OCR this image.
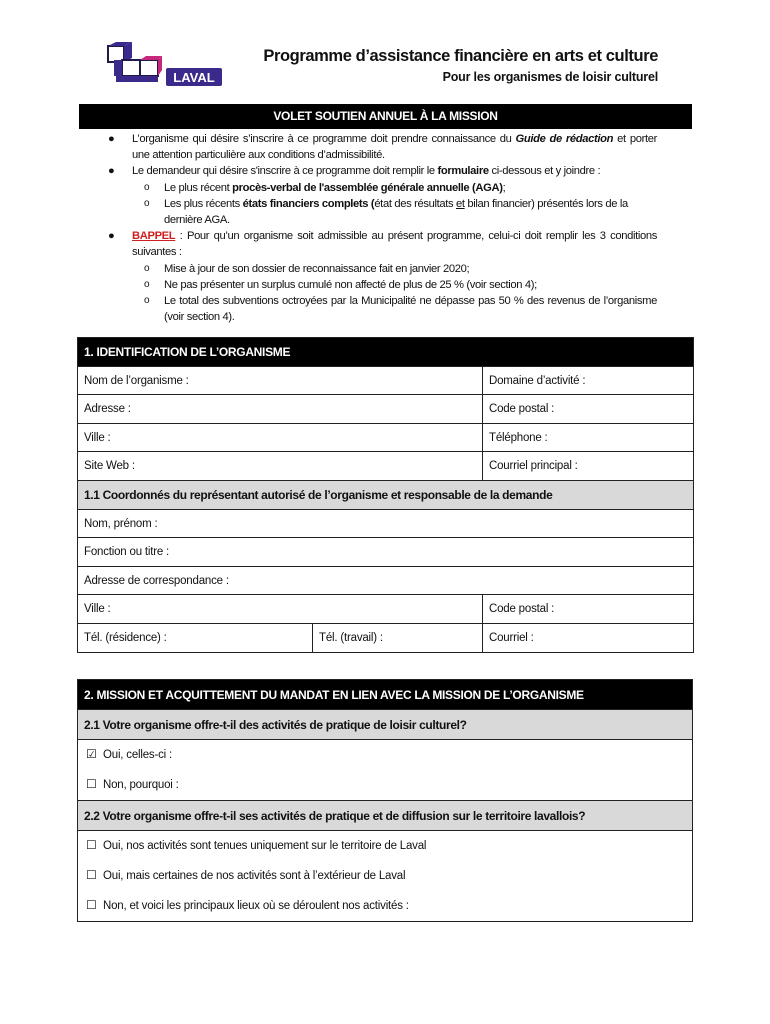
LAVAL
Programme d’assistance financière en arts et culture
Pour les organismes de loisir culturel
VOLET SOUTIEN ANNUEL À LA MISSION
● L’organisme qui désire s’inscrire à ce programme doit prendre connaissance du Guide de rédaction et porter une attention particulière aux conditions d’admissibilité.
● Le demandeur qui désire s'inscrire à ce programme doit remplir le formulaire ci-dessous et y joindre :
o Le plus récent procès-verbal de l'assemblée générale annuelle (AGA);
o Les plus récents états financiers complets (état des résultats et bilan financier) présentés lors de la dernière AGA.
● BAPPEL : Pour qu’un organisme soit admissible au présent programme, celui-ci doit remplir les 3 conditions suivantes :
o Mise à jour de son dossier de reconnaissance fait en janvier 2020;
o Ne pas présenter un surplus cumulé non affecté de plus de 25 % (voir section 4);
o Le total des subventions octroyées par la Municipalité ne dépasse pas 50 % des revenus de l’organisme (voir section 4).
1. IDENTIFICATION DE L’ORGANISME		
Nom de l’organisme :		Domaine d’activité :
Adresse :		Code postal :
Ville :		Téléphone :
Site Web :		Courriel principal :
1.1 Coordonnés du représentant autorisé de l’organisme et responsable de la demande		
Nom, prénom :		
Fonction ou titre :		
Adresse de correspondance :		
Ville :		Code postal :
Tél. (résidence) :	Tél. (travail) :	Courriel :
2. MISSION ET ACQUITTEMENT DU MANDAT EN LIEN AVEC LA MISSION DE L’ORGANISME
2.1 Votre organisme offre-t-il des activités de pratique de loisir culturel?

☑ Oui, celles-ci :
☐ Non, pourquoi :

2.2 Votre organisme offre-t-il ses activités de pratique et de diffusion sur le territoire lavallois?

☐ Oui, nos activités sont tenues uniquement sur le territoire de Laval
☐ Oui, mais certaines de nos activités sont à l’extérieur de Laval
☐ Non, et voici les principaux lieux où se déroulent nos activités :
